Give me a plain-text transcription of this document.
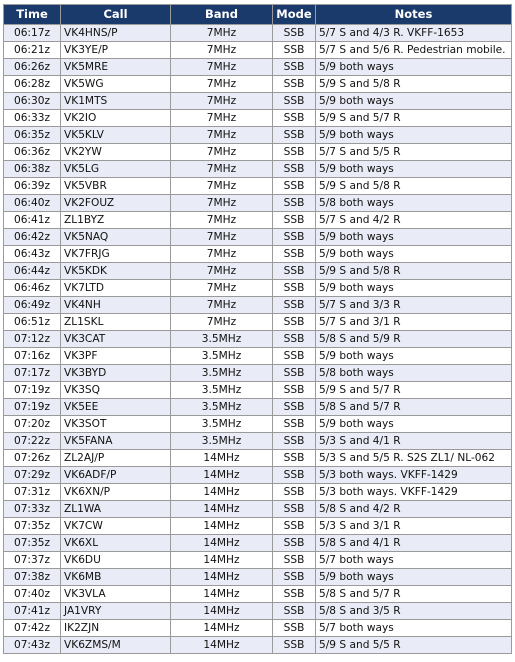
Time	Call	Band	Mode	Notes
06:17z	VK4HNS/P	7MHz	SSB	5/7 S and 4/3 R. VKFF-1653
06:21z	VK3YE/P	7MHz	SSB	5/7 S and 5/6 R. Pedestrian mobile.
06:26z	VK5MRE	7MHz	SSB	5/9 both ways
06:28z	VK5WG	7MHz	SSB	5/9 S and 5/8 R
06:30z	VK1MTS	7MHz	SSB	5/9 both ways
06:33z	VK2IO	7MHz	SSB	5/9 S and 5/7 R
06:35z	VK5KLV	7MHz	SSB	5/9 both ways
06:36z	VK2YW	7MHz	SSB	5/7 S and 5/5 R
06:38z	VK5LG	7MHz	SSB	5/9 both ways
06:39z	VK5VBR	7MHz	SSB	5/9 S and 5/8 R
06:40z	VK2FOUZ	7MHz	SSB	5/8 both ways
06:41z	ZL1BYZ	7MHz	SSB	5/7 S and 4/2 R
06:42z	VK5NAQ	7MHz	SSB	5/9 both ways
06:43z	VK7FRJG	7MHz	SSB	5/9 both ways
06:44z	VK5KDK	7MHz	SSB	5/9 S and 5/8 R
06:46z	VK7LTD	7MHz	SSB	5/9 both ways
06:49z	VK4NH	7MHz	SSB	5/7 S and 3/3 R
06:51z	ZL1SKL	7MHz	SSB	5/7 S and 3/1 R
07:12z	VK3CAT	3.5MHz	SSB	5/8 S and 5/9 R
07:16z	VK3PF	3.5MHz	SSB	5/9 both ways
07:17z	VK3BYD	3.5MHz	SSB	5/8 both ways
07:19z	VK3SQ	3.5MHz	SSB	5/9 S and 5/7 R
07:19z	VK5EE	3.5MHz	SSB	5/8 S and 5/7 R
07:20z	VK3SOT	3.5MHz	SSB	5/9 both ways
07:22z	VK5FANA	3.5MHz	SSB	5/3 S and 4/1 R
07:26z	ZL2AJ/P	14MHz	SSB	5/3 S and 5/5 R. S2S ZL1/ NL-062
07:29z	VK6ADF/P	14MHz	SSB	5/3 both ways. VKFF-1429
07:31z	VK6XN/P	14MHz	SSB	5/3 both ways. VKFF-1429
07:33z	ZL1WA	14MHz	SSB	5/8 S and 4/2 R
07:35z	VK7CW	14MHz	SSB	5/3 S and 3/1 R
07:35z	VK6XL	14MHz	SSB	5/8 S and 4/1 R
07:37z	VK6DU	14MHz	SSB	5/7 both ways
07:38z	VK6MB	14MHz	SSB	5/9 both ways
07:40z	VK3VLA	14MHz	SSB	5/8 S and 5/7 R
07:41z	JA1VRY	14MHz	SSB	5/8 S and 3/5 R
07:42z	IK2ZJN	14MHz	SSB	5/7 both ways
07:43z	VK6ZMS/M	14MHz	SSB	5/9 S and 5/5 R
